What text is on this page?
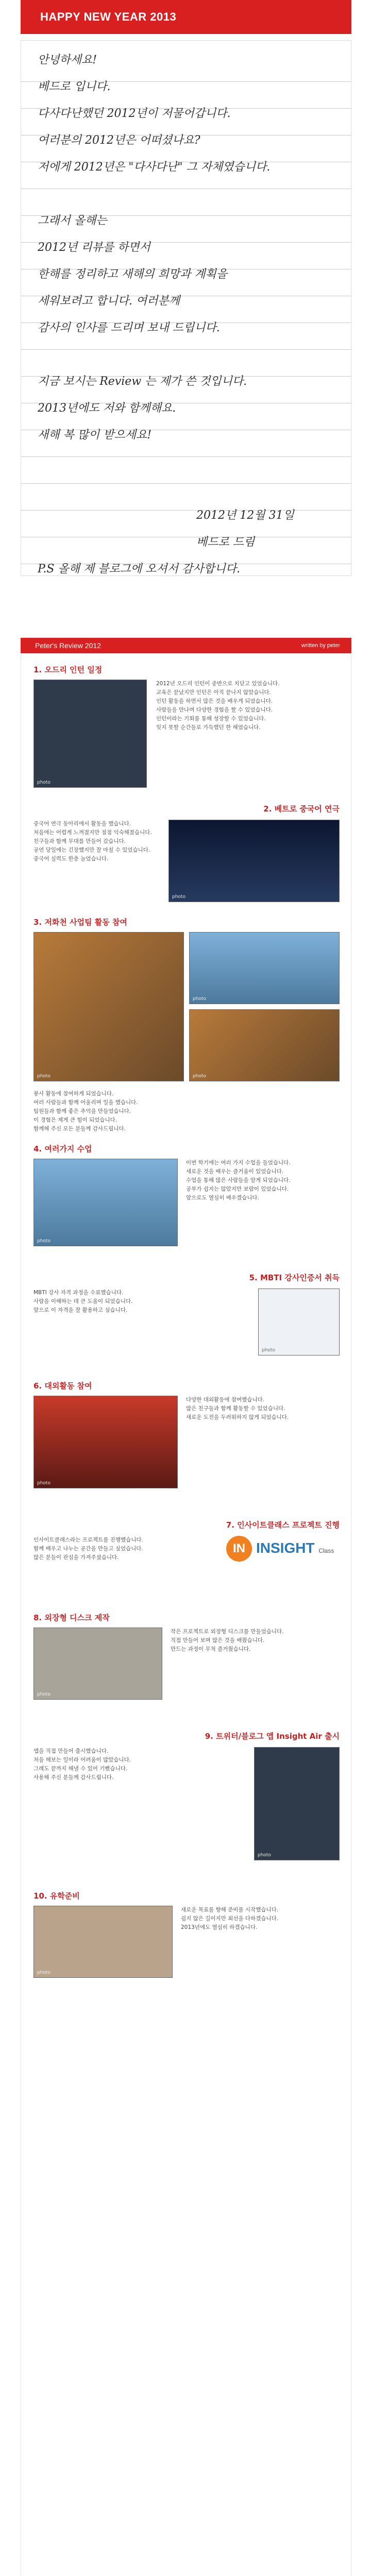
HAPPY NEW YEAR 2013
안녕하세요!
베드로 입니다.
다사다난했던 2012년이 저물어갑니다.
여러분의 2012년은 어떠셨나요?
저에게 2012년은 "다사다난" 그 자체였습니다.
그래서 올해는
2012년 리뷰를 하면서
한해를 정리하고 새해의 희망과 계획을
세워보려고 합니다. 여러분께
감사의 인사를 드리며 보내 드립니다.
지금 보시는 Review 는 제가 쓴 것입니다.
2013년에도 저와 함께해요.
새해 복 많이 받으세요!
2012년 12월 31일
베드로 드림
P.S 올해 제 블로그에 오셔서 감사합니다.
Peter's Review 2012	written by peter
1. 오드리 인턴 일정
photo

2012년 오드리 인턴이 종반으로 치닫고 있었습니다.

교육은 끝났지만 인턴은 아직 끝나지 않았습니다.

인턴 활동을 하면서 많은 것을 배우게 되었습니다.

사람들을 만나며 다양한 경험을 할 수 있었습니다.

인턴이라는 기회를 통해 성장할 수 있었습니다.

잊지 못할 순간들로 가득했던 한 해였습니다.

2. 베트로 중국어 연극

중국어 연극 동아리에서 활동을 했습니다.

처음에는 어렵게 느껴졌지만 점점 익숙해졌습니다.

친구들과 함께 무대를 만들어 갔습니다.

공연 당일에는 긴장했지만 잘 마칠 수 있었습니다.

중국어 실력도 한층 늘었습니다.

photo
3. 저화천 사업팀 활동 참여
photo
photo
photo

봉사 활동에 참여하게 되었습니다.

여러 사람들과 함께 어울리며 일을 했습니다.

팀원들과 함께 좋은 추억을 만들었습니다.

이 경험은 제게 큰 힘이 되었습니다.

함께해 주신 모든 분들께 감사드립니다.

4. 여러가지 수업
photo

이번 학기에는 여러 가지 수업을 들었습니다.

새로운 것을 배우는 즐거움이 있었습니다.

수업을 통해 많은 사람들을 알게 되었습니다.

공부가 쉽지는 않았지만 보람이 있었습니다.

앞으로도 열심히 배우겠습니다.

5. MBTI 강사인증서 취득

MBTI 강사 자격 과정을 수료했습니다.

사람을 이해하는 데 큰 도움이 되었습니다.

앞으로 이 자격을 잘 활용하고 싶습니다.

photo
6. 대외활동 참여
photo

다양한 대외활동에 참여했습니다.

많은 친구들과 함께 활동할 수 있었습니다.

새로운 도전을 두려워하지 않게 되었습니다.

7. 인사이트클래스 프로젝트 진행

인사이트클래스라는 프로젝트를 진행했습니다.

함께 배우고 나누는 공간을 만들고 싶었습니다.

많은 분들이 관심을 가져주셨습니다.

IN INSIGHT Class
8. 외장형 디스크 제작
photo

작은 프로젝트로 외장형 디스크를 만들었습니다.

직접 만들어 보며 많은 것을 배웠습니다.

만드는 과정이 무척 즐거웠습니다.

9. 트위터/블로그 앱 Insight Air 출시

앱을 직접 만들어 출시했습니다.

처음 해보는 일이라 어려움이 많았습니다.

그래도 끝까지 해낼 수 있어 기뻤습니다.

사용해 주신 분들께 감사드립니다.

photo
10. 유학준비
photo

새로운 목표를 향해 준비를 시작했습니다.

쉽지 않은 길이지만 최선을 다하겠습니다.

2013년에도 열심히 하겠습니다.
